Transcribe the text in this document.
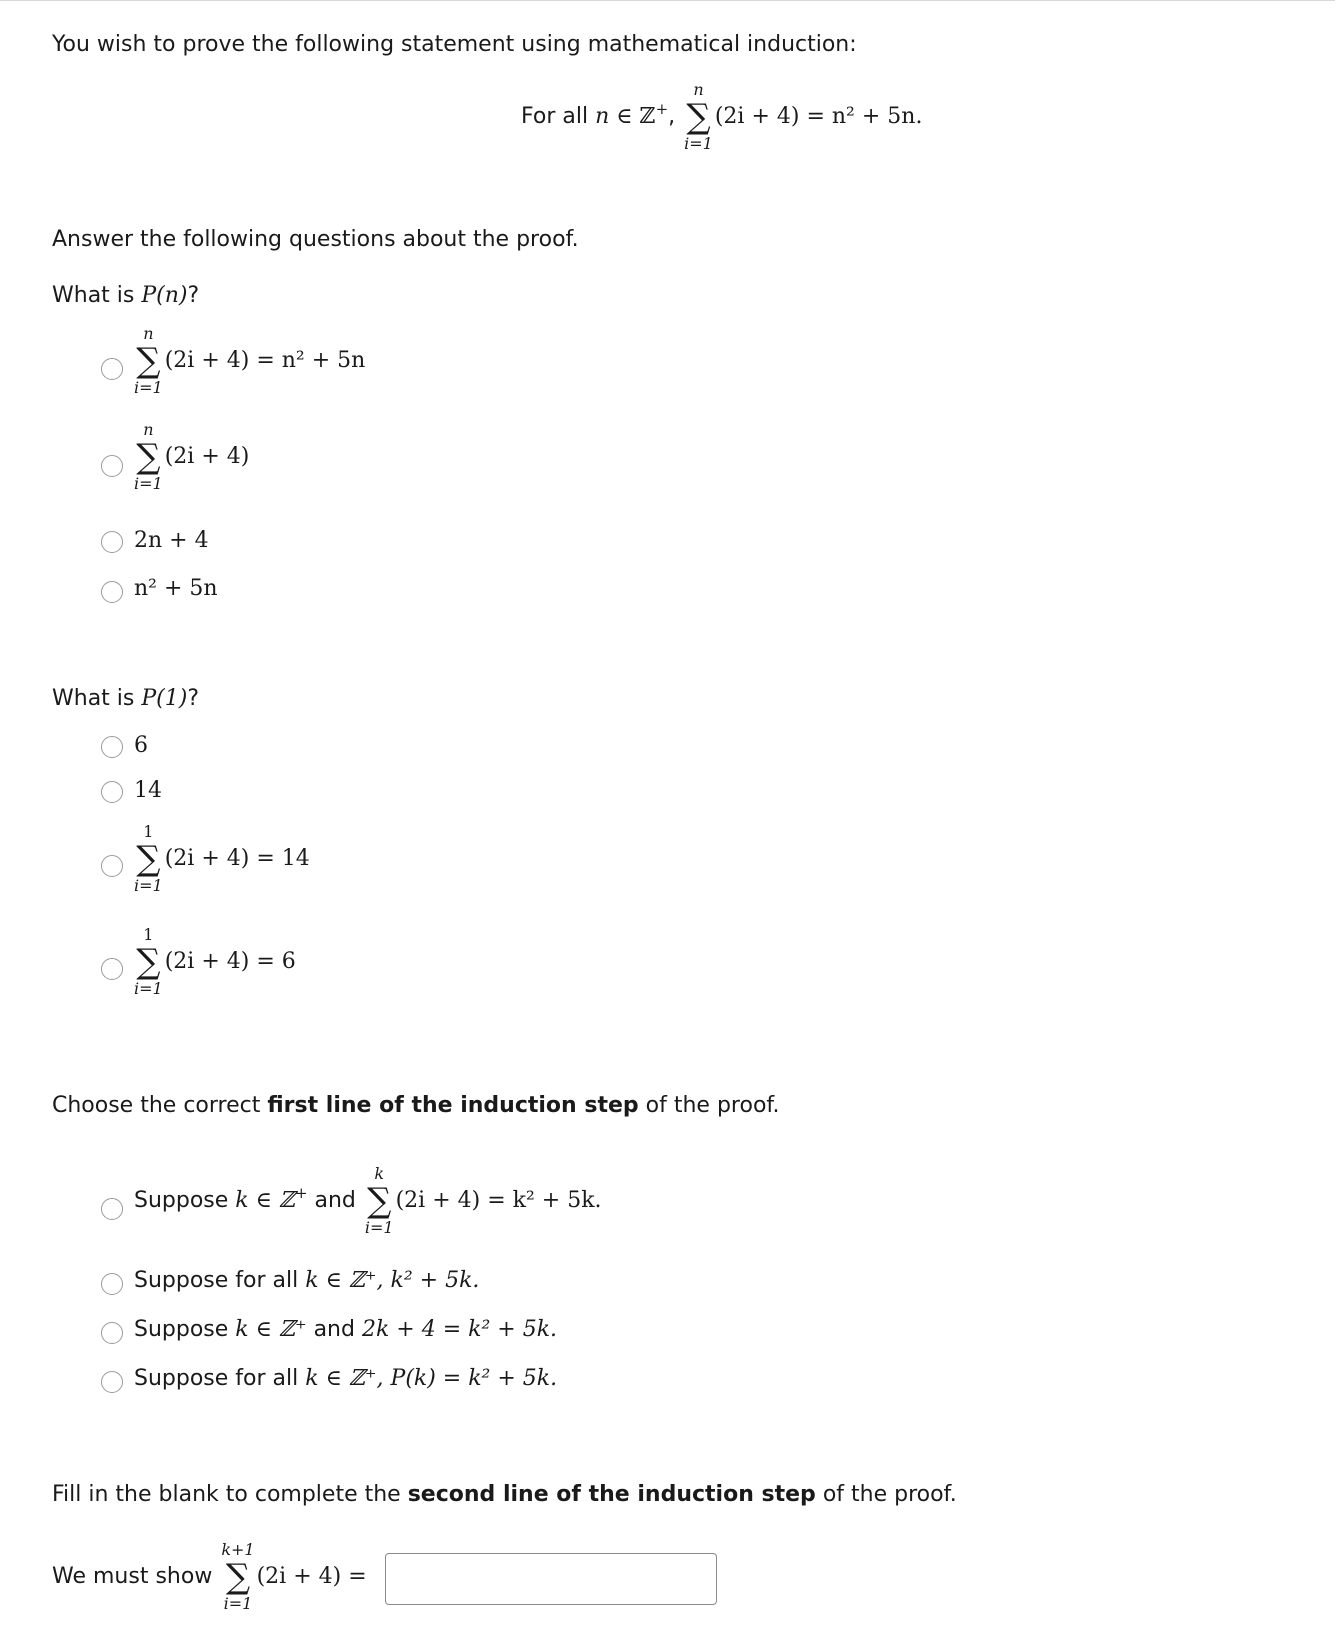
You wish to prove the following statement using mathematical induction:
For all n ∈ ℤ+,
n
∑
i=1
(2i + 4) = n² + 5n.
Answer the following questions about the proof.
What is P(n)?
n
∑
i=1
(2i + 4) = n² + 5n
n
∑
i=1
(2i + 4)
2n + 4
n² + 5n
What is P(1)?
6
14
1
∑
i=1
(2i + 4) = 14
1
∑
i=1
(2i + 4) = 6
Choose the correct first line of the induction step of the proof.
Suppose k ∈ ℤ+ and
k
∑
i=1
(2i + 4) = k² + 5k.
Suppose for all k ∈ ℤ⁺, k² + 5k.
Suppose k ∈ ℤ⁺ and 2k + 4 = k² + 5k.
Suppose for all k ∈ ℤ⁺, P(k) = k² + 5k.
Fill in the blank to complete the second line of the induction step of the proof.
We must show
k+1
∑
i=1
(2i + 4) =
